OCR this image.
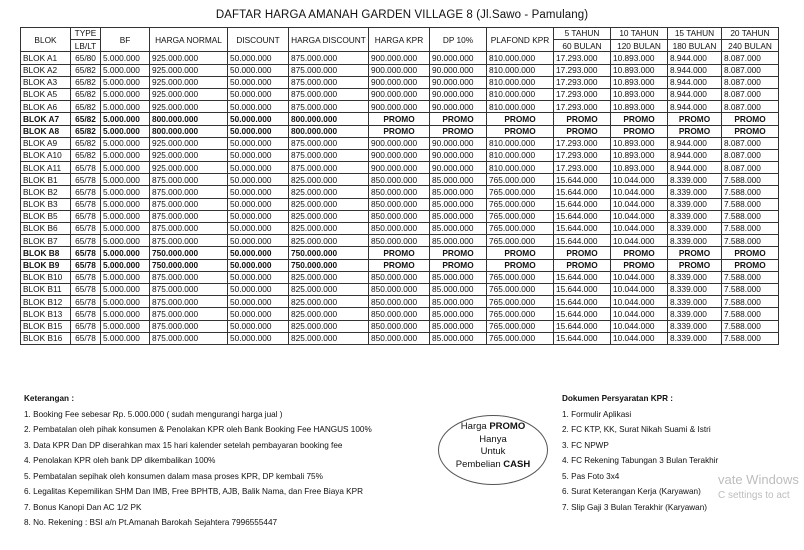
DAFTAR HARGA AMANAH GARDEN VILLAGE 8 (Jl.Sawo - Pamulang)
BLOK	TYPE	BF	HARGA NORMAL	DISCOUNT	HARGA DISCOUNT	HARGA KPR	DP 10%	PLAFOND KPR	5 TAHUN	10 TAHUN	15 TAHUN	20 TAHUN
	LB/LT								60 BULAN	120 BULAN	180 BULAN	240 BULAN
BLOK A1	65/80	5.000.000	925.000.000	50.000.000	875.000.000	900.000.000	90.000.000	810.000.000	17.293.000	10.893.000	8.944.000	8.087.000
BLOK A2	65/82	5.000.000	925.000.000	50.000.000	875.000.000	900.000.000	90.000.000	810.000.000	17.293.000	10.893.000	8.944.000	8.087.000
BLOK A3	65/82	5.000.000	925.000.000	50.000.000	875.000.000	900.000.000	90.000.000	810.000.000	17.293.000	10.893.000	8.944.000	8.087.000
BLOK A5	65/82	5.000.000	925.000.000	50.000.000	875.000.000	900.000.000	90.000.000	810.000.000	17.293.000	10.893.000	8.944.000	8.087.000
BLOK A6	65/82	5.000.000	925.000.000	50.000.000	875.000.000	900.000.000	90.000.000	810.000.000	17.293.000	10.893.000	8.944.000	8.087.000
BLOK A7	65/82	5.000.000	800.000.000	50.000.000	800.000.000	PROMO	PROMO	PROMO	PROMO	PROMO	PROMO	PROMO
BLOK A8	65/82	5.000.000	800.000.000	50.000.000	800.000.000	PROMO	PROMO	PROMO	PROMO	PROMO	PROMO	PROMO
BLOK A9	65/82	5.000.000	925.000.000	50.000.000	875.000.000	900.000.000	90.000.000	810.000.000	17.293.000	10.893.000	8.944.000	8.087.000
BLOK A10	65/82	5.000.000	925.000.000	50.000.000	875.000.000	900.000.000	90.000.000	810.000.000	17.293.000	10.893.000	8.944.000	8.087.000
BLOK A11	65/78	5.000.000	925.000.000	50.000.000	875.000.000	900.000.000	90.000.000	810.000.000	17.293.000	10.893.000	8.944.000	8.087.000
BLOK B1	65/78	5.000.000	875.000.000	50.000.000	825.000.000	850.000.000	85.000.000	765.000.000	15.644.000	10.044.000	8.339.000	7.588.000
BLOK B2	65/78	5.000.000	875.000.000	50.000.000	825.000.000	850.000.000	85.000.000	765.000.000	15.644.000	10.044.000	8.339.000	7.588.000
BLOK B3	65/78	5.000.000	875.000.000	50.000.000	825.000.000	850.000.000	85.000.000	765.000.000	15.644.000	10.044.000	8.339.000	7.588.000
BLOK B5	65/78	5.000.000	875.000.000	50.000.000	825.000.000	850.000.000	85.000.000	765.000.000	15.644.000	10.044.000	8.339.000	7.588.000
BLOK B6	65/78	5.000.000	875.000.000	50.000.000	825.000.000	850.000.000	85.000.000	765.000.000	15.644.000	10.044.000	8.339.000	7.588.000
BLOK B7	65/78	5.000.000	875.000.000	50.000.000	825.000.000	850.000.000	85.000.000	765.000.000	15.644.000	10.044.000	8.339.000	7.588.000
BLOK B8	65/78	5.000.000	750.000.000	50.000.000	750.000.000	PROMO	PROMO	PROMO	PROMO	PROMO	PROMO	PROMO
BLOK B9	65/78	5.000.000	750.000.000	50.000.000	750.000.000	PROMO	PROMO	PROMO	PROMO	PROMO	PROMO	PROMO
BLOK B10	65/78	5.000.000	875.000.000	50.000.000	825.000.000	850.000.000	85.000.000	765.000.000	15.644.000	10.044.000	8.339.000	7.588.000
BLOK B11	65/78	5.000.000	875.000.000	50.000.000	825.000.000	850.000.000	85.000.000	765.000.000	15.644.000	10.044.000	8.339.000	7.588.000
BLOK B12	65/78	5.000.000	875.000.000	50.000.000	825.000.000	850.000.000	85.000.000	765.000.000	15.644.000	10.044.000	8.339.000	7.588.000
BLOK B13	65/78	5.000.000	875.000.000	50.000.000	825.000.000	850.000.000	85.000.000	765.000.000	15.644.000	10.044.000	8.339.000	7.588.000
BLOK B15	65/78	5.000.000	875.000.000	50.000.000	825.000.000	850.000.000	85.000.000	765.000.000	15.644.000	10.044.000	8.339.000	7.588.000
BLOK B16	65/78	5.000.000	875.000.000	50.000.000	825.000.000	850.000.000	85.000.000	765.000.000	15.644.000	10.044.000	8.339.000	7.588.000
Keterangan :
1. Booking Fee sebesar Rp. 5.000.000 ( sudah mengurangi harga jual )
2. Pembatalan oleh pihak konsumen & Penolakan KPR oleh Bank Booking Fee HANGUS 100%
3. Data KPR Dan DP diserahkan max 15 hari kalender setelah pembayaran booking fee
4. Penolakan KPR oleh bank DP dikembalikan 100%
5. Pembatalan sepihak oleh konsumen dalam masa proses KPR, DP kembali 75%
6. Legalitas Kepemilikan SHM Dan IMB, Free BPHTB, AJB, Balik Nama, dan Free Biaya KPR
7. Bonus Kanopi Dan AC 1/2 PK
8. No. Rekening : BSI a/n Pt.Amanah Barokah Sejahtera 7996555447
Harga PROMO
Hanya
Untuk
Pembelian CASH
Dokumen Persyaratan KPR :
1. Formulir Aplikasi
2. FC KTP, KK, Surat Nikah Suami & Istri
3. FC NPWP
4. FC Rekening Tabungan 3 Bulan Terakhir
5. Pas Foto 3x4
6. Surat Keterangan Kerja (Karyawan)
7. Slip Gaji 3 Bulan Terakhir (Karyawan)
vate Windows
C settings to act
